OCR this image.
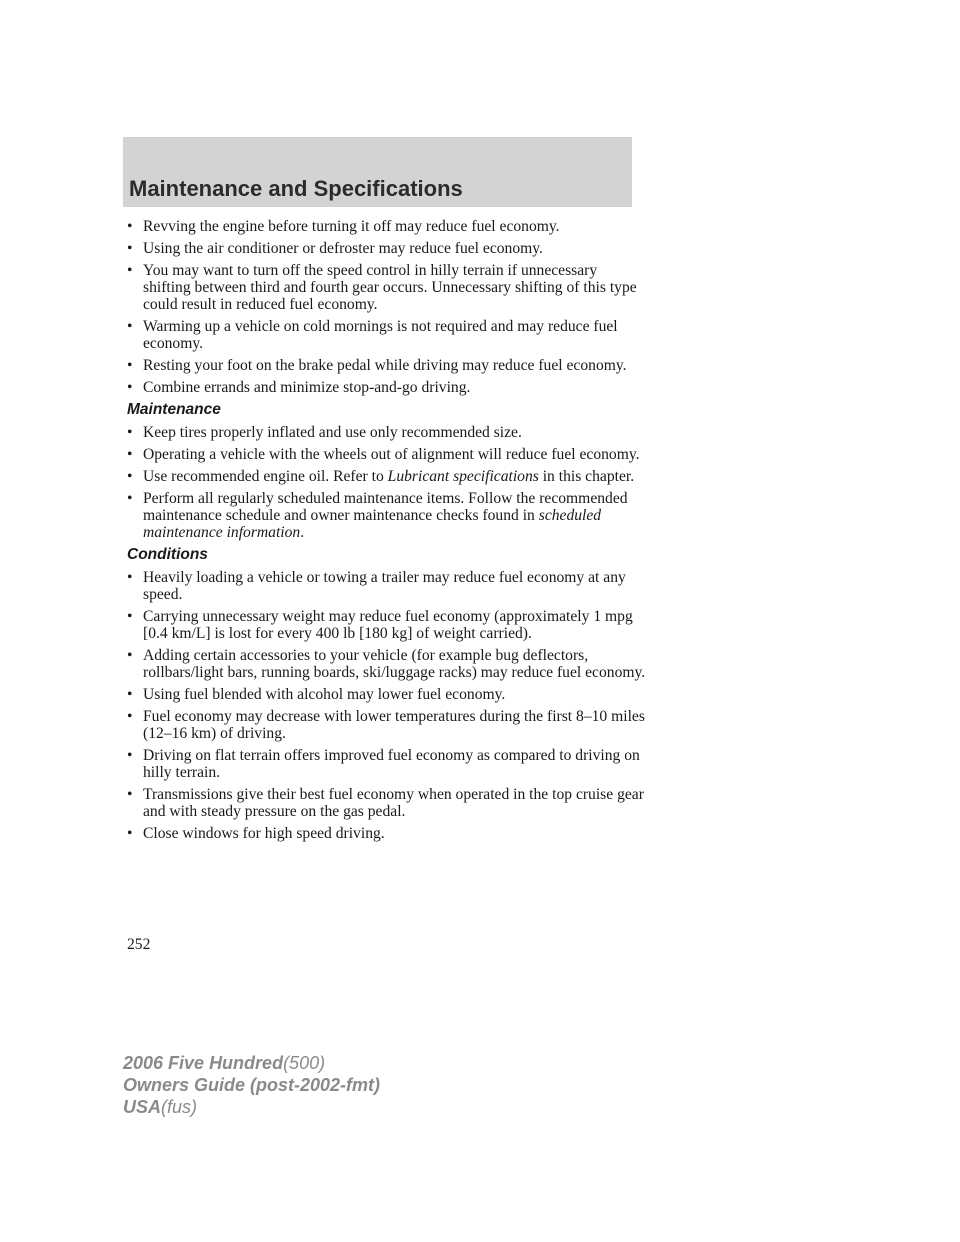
Maintenance and Specifications
• Revving the engine before turning it off may reduce fuel economy.
• Using the air conditioner or defroster may reduce fuel economy.
• You may want to turn off the speed control in hilly terrain if unnecessary shifting between third and fourth gear occurs. Unnecessary shifting of this type could result in reduced fuel economy.
• Warming up a vehicle on cold mornings is not required and may reduce fuel economy.
• Resting your foot on the brake pedal while driving may reduce fuel economy.
• Combine errands and minimize stop-and-go driving.
Maintenance
• Keep tires properly inflated and use only recommended size.
• Operating a vehicle with the wheels out of alignment will reduce fuel economy.
• Use recommended engine oil. Refer to Lubricant specifications in this chapter.
• Perform all regularly scheduled maintenance items. Follow the recommended maintenance schedule and owner maintenance checks found in scheduled maintenance information.
Conditions
• Heavily loading a vehicle or towing a trailer may reduce fuel economy at any speed.
• Carrying unnecessary weight may reduce fuel economy (approximately 1 mpg [0.4 km/L] is lost for every 400 lb [180 kg] of weight carried).
• Adding certain accessories to your vehicle (for example bug deflectors, rollbars/light bars, running boards, ski/luggage racks) may reduce fuel economy.
• Using fuel blended with alcohol may lower fuel economy.
• Fuel economy may decrease with lower temperatures during the first 8–10 miles (12–16 km) of driving.
• Driving on flat terrain offers improved fuel economy as compared to driving on hilly terrain.
• Transmissions give their best fuel economy when operated in the top cruise gear and with steady pressure on the gas pedal.
• Close windows for high speed driving.
252
2006 Five Hundred(500)
Owners Guide (post-2002-fmt)
USA(fus)
